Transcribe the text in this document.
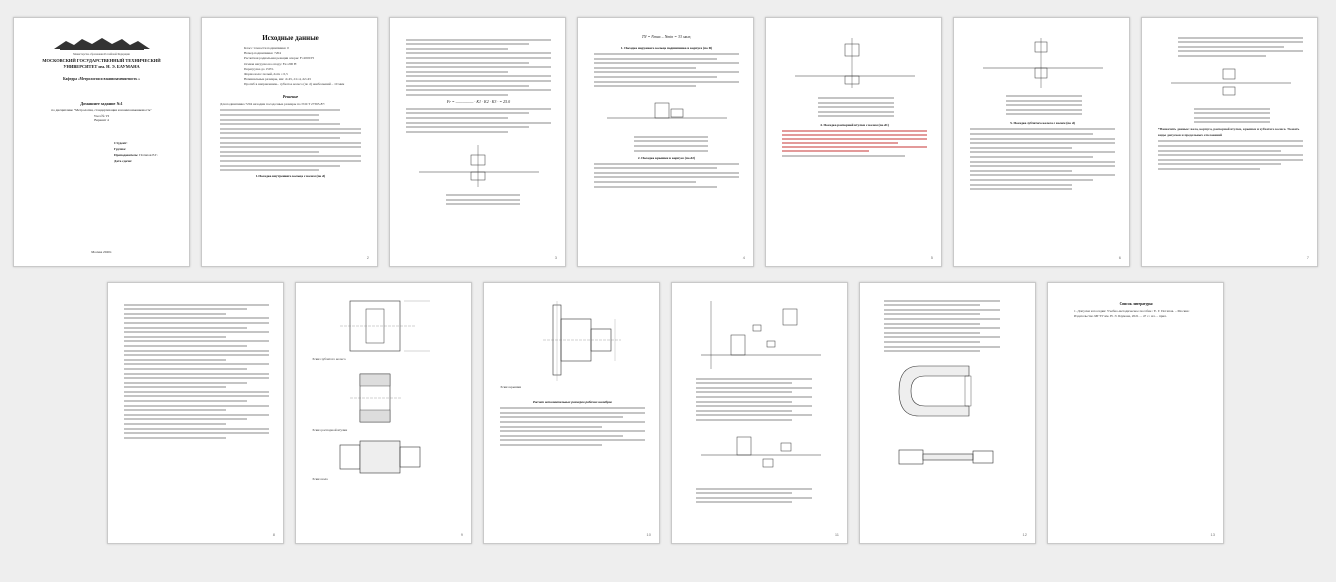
Министерство образования Российской Федерации
МОСКОВСКИЙ ГОСУДАРСТВЕННЫЙ ТЕХНИЧЕСКИЙ УНИВЕРСИТЕТ им. Н. Э. БАУМАНА
Кафедра «Метрология и взаимозаменяемость »
Домашнее задание №1
по дисциплине "Метрология, стандартизация и взаимозаменяемость"
Узел № VI
Вариант 4
Студент:
Группа:
Преподаватель: Потапов Е.Г.
Дата сдачи:
Москва 2020г.
Исходные данные
Класс точности подшипника: 0
Номер подшипника: 7204
Расчетная радиальная реакция опоры: F=2000 Н
Осевая нагрузка на опору: Fa=200 Н
Перегрузка до 150%
Форма вала: полый, dотв = 0,5
Номинальные размеры, мм: d=45, d1=4, d2=45
Прогиб в направлении... зубчатое колесо (по d) наибольший – 10 мкм
Решение
Для подшипника 7204 находим посадочные размеры по ГОСТ 27365-87:
1.Посадка внутреннего кольца с валом (по d)
2
Fr = ————— · K1 · K2 · K3 · = 25.0
3
TN = Nmax – Nmin = 33 мкм;
1. Посадка наружного кольца подшипника в корпусе (по D)
2. Посадка крышки в корпусе (по d2)
4
4. Посадка распорной втулки с валом (по d1)
5
5. Посадка зубчатого колеса с валом (по d)
6
*Назначить данные: вала, корпуса, распорной втулки, крышки и зубчатого колеса. Указать виды допусков и предельных отклонений
7
8
Эскиз зубчатого колеса
Эскиз распорной втулки
Эскиз вала
9
Эскиз крышки
Расчет исполнительных размеров рабочих калибров
10	11	12
Список литературы:
1. Допуски и посадки: Учебно-методическое пособие / Е. Г. Потапов. – Москва: Издательство МГТУ им. Н. Э. Баумана, 2021. – 47 с.: ил. – прил.
13
